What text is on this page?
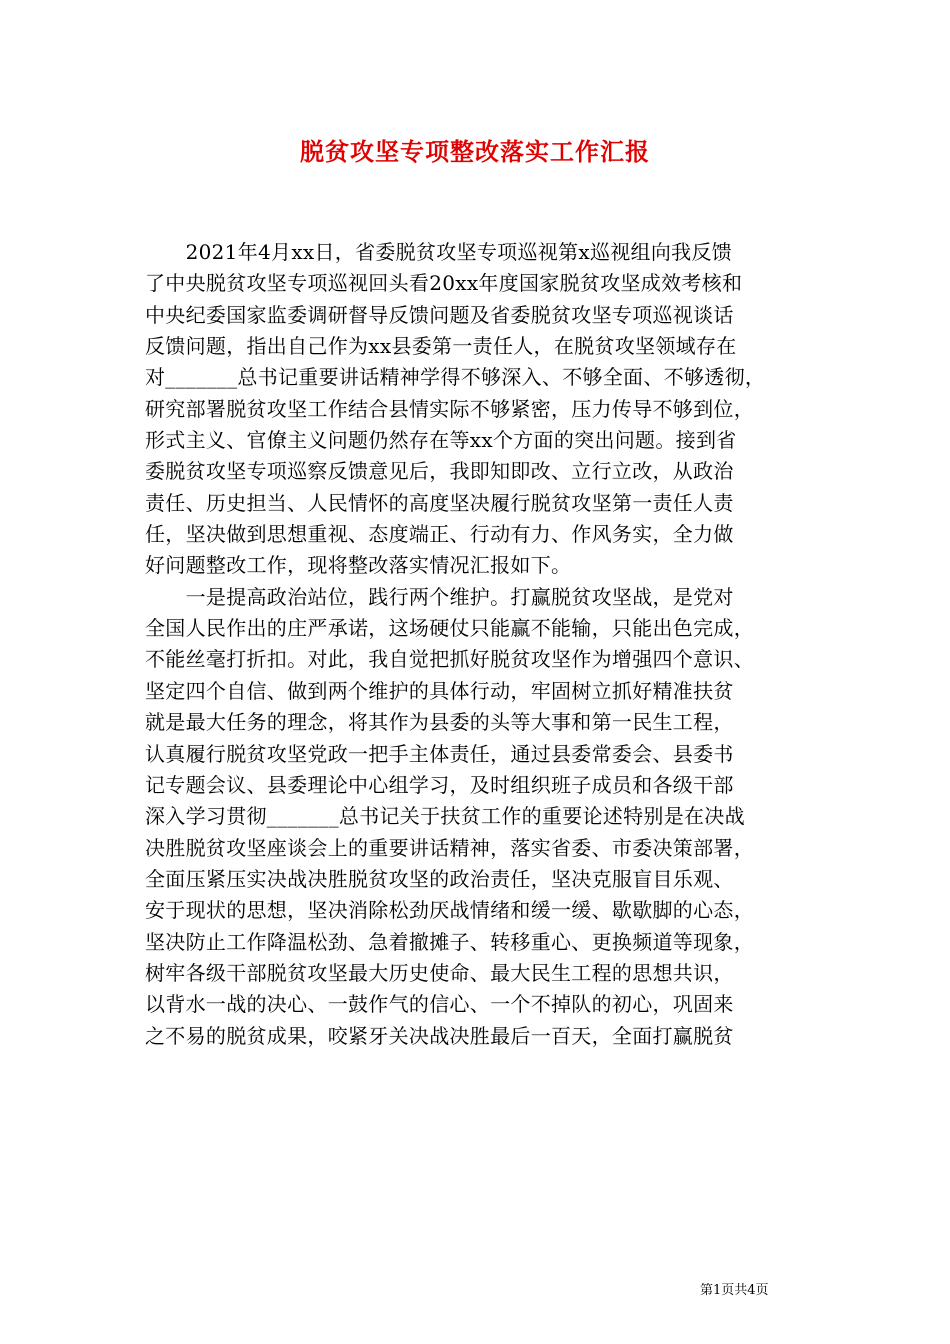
脱贫攻坚专项整改落实工作汇报
　　2021年4月xx日，省委脱贫攻坚专项巡视第x巡视组向我反馈
了中央脱贫攻坚专项巡视回头看20xx年度国家脱贫攻坚成效考核和
中央纪委国家监委调研督导反馈问题及省委脱贫攻坚专项巡视谈话
反馈问题，指出自己作为xx县委第一责任人，在脱贫攻坚领域存在
对_______总书记重要讲话精神学得不够深入、不够全面、不够透彻，
研究部署脱贫攻坚工作结合县情实际不够紧密，压力传导不够到位，
形式主义、官僚主义问题仍然存在等xx个方面的突出问题。接到省
委脱贫攻坚专项巡察反馈意见后，我即知即改、立行立改，从政治
责任、历史担当、人民情怀的高度坚决履行脱贫攻坚第一责任人责
任，坚决做到思想重视、态度端正、行动有力、作风务实，全力做
好问题整改工作，现将整改落实情况汇报如下。
　　一是提高政治站位，践行两个维护。打赢脱贫攻坚战，是党对
全国人民作出的庄严承诺，这场硬仗只能赢不能输，只能出色完成，
不能丝毫打折扣。对此，我自觉把抓好脱贫攻坚作为增强四个意识、
坚定四个自信、做到两个维护的具体行动，牢固树立抓好精准扶贫
就是最大任务的理念，将其作为县委的头等大事和第一民生工程，
认真履行脱贫攻坚党政一把手主体责任，通过县委常委会、县委书
记专题会议、县委理论中心组学习，及时组织班子成员和各级干部
深入学习贯彻_______总书记关于扶贫工作的重要论述特别是在决战
决胜脱贫攻坚座谈会上的重要讲话精神，落实省委、市委决策部署，
全面压紧压实决战决胜脱贫攻坚的政治责任，坚决克服盲目乐观、
安于现状的思想，坚决消除松劲厌战情绪和缓一缓、歇歇脚的心态，
坚决防止工作降温松劲、急着撤摊子、转移重心、更换频道等现象，
树牢各级干部脱贫攻坚最大历史使命、最大民生工程的思想共识，
以背水一战的决心、一鼓作气的信心、一个不掉队的初心，巩固来
之不易的脱贫成果，咬紧牙关决战决胜最后一百天，全面打赢脱贫
第1页共4页
